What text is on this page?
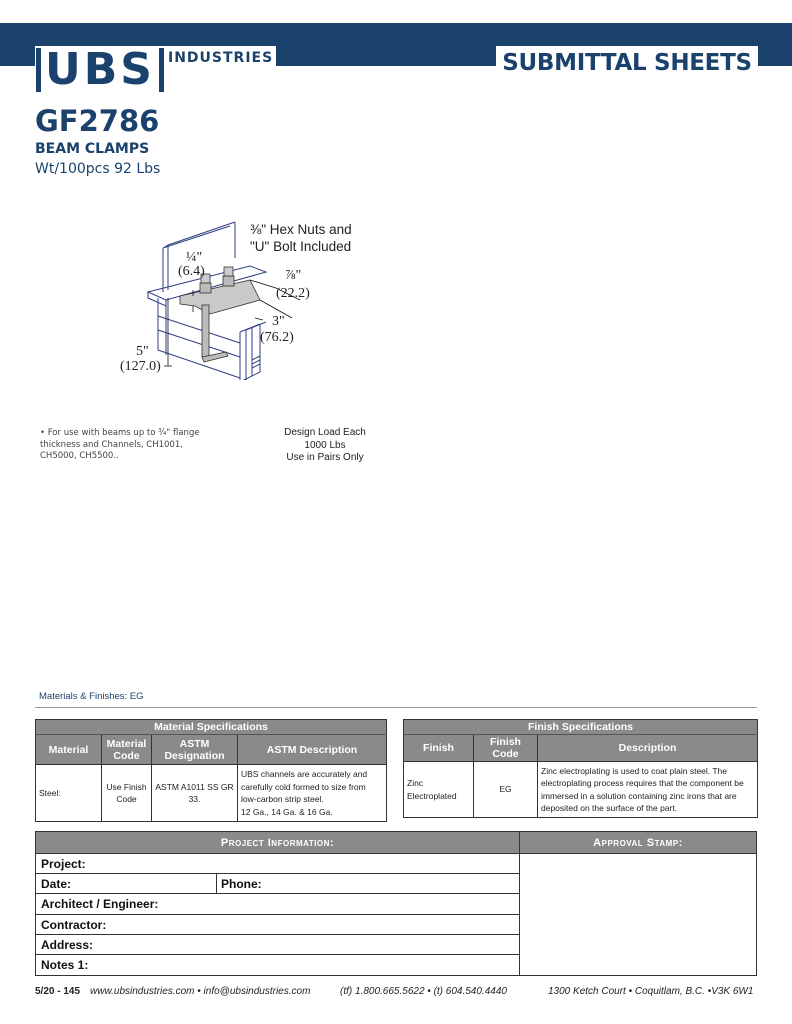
UBS INDUSTRIES	SUBMITTAL SHEETS
GF2786
BEAM CLAMPS
Wt/100pcs 92 Lbs
⅜" Hex Nuts and
"U" Bolt Included
¼"
(6.4)	⅞"
(22.2)
3"
(76.2)
5"
(127.0)
• For use with beams up to ¾" flange thickness and Channels, CH1001, CH5000, CH5500..
Design Load Each
1000 Lbs
Use in Pairs Only
Materials & Finishes: EG
Material Specifications			
Material	Material Code	ASTM Designation	ASTM Description
Steel:	Use Finish Code	ASTM A1011 SS GR 33.	UBS channels are accurately and carefully cold formed to size from low-carbon strip steel.
12 Ga., 14 Ga. & 16 Ga.
Finish Specifications		
Finish	Finish Code	Description
Zinc Electroplated	EG	Zinc electroplating is used to coat plain steel. The electroplating process requires that the component be immersed in a solution containing zinc irons that are deposited on the surface of the part.
Project Information:
Project:
Date:	Phone:
Architect / Engineer:
Contractor:
Address:
Notes 1:
Approval Stamp:
5/20 - 145 www.ubsindustries.com • info@ubsindustries.com	(tf) 1.800.665.5622 • (t) 604.540.4440	1300 Ketch Court • Coquitlam, B.C. •V3K 6W1
